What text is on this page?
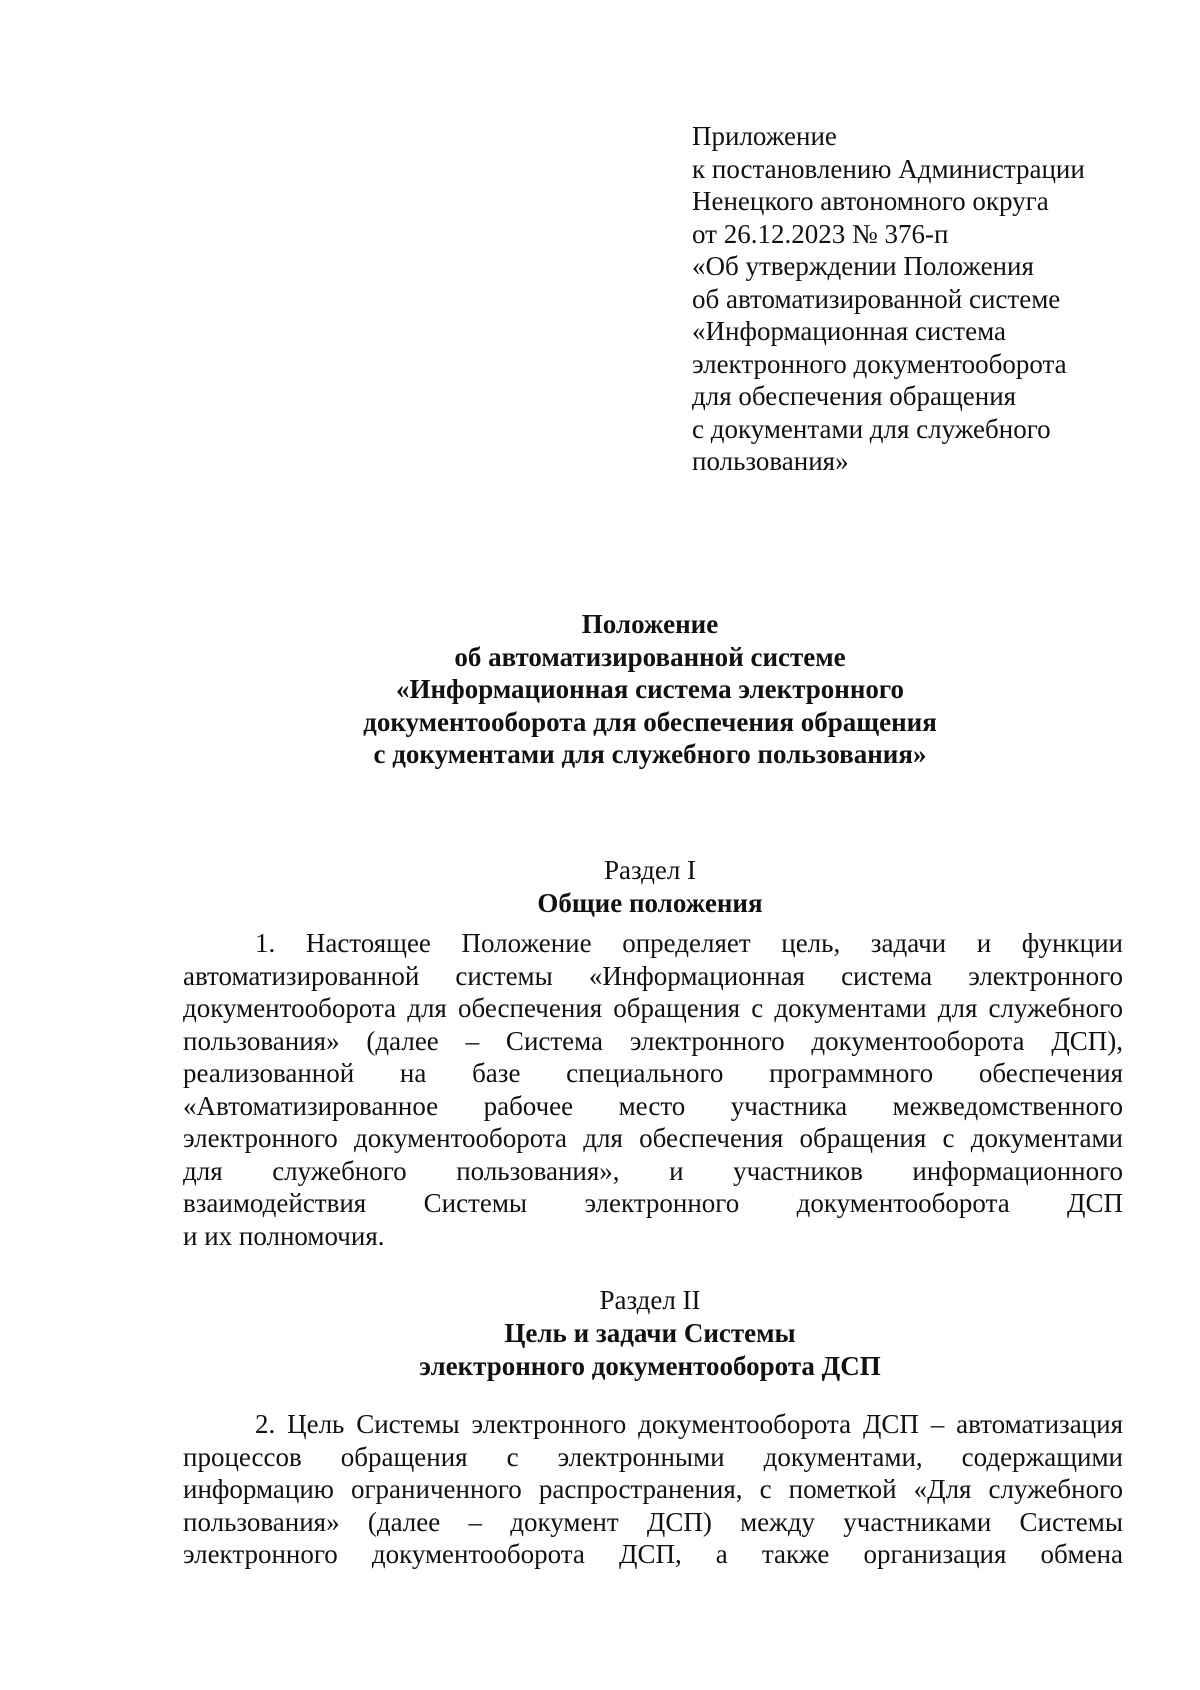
Приложение
к постановлению Администрации
Ненецкого автономного округа
от 26.12.2023 № 376-п
«Об утверждении Положения
об автоматизированной системе
«Информационная система
электронного документооборота
для обеспечения обращения
с документами для служебного
пользования»
Положение
об автоматизированной системе
«Информационная система электронного
документооборота для обеспечения обращения
с документами для служебного пользования»
Раздел I
Общие положения
1. Настоящее Положение определяет цель, задачи и функции
автоматизированной системы «Информационная система электронного
документооборота для обеспечения обращения с документами для служебного
пользования» (далее – Система электронного документооборота ДСП),
реализованной на базе специального программного обеспечения
«Автоматизированное рабочее место участника межведомственного
электронного документооборота для обеспечения обращения с документами
для служебного пользования», и участников информационного
взаимодействия Системы электронного документооборота ДСП
и их полномочия.
Раздел II
Цель и задачи Системы
электронного документооборота ДСП
2. Цель Системы электронного документооборота ДСП – автоматизация
процессов обращения с электронными документами, содержащими
информацию ограниченного распространения, с пометкой «Для служебного
пользования» (далее – документ ДСП) между участниками Системы
электронного документооборота ДСП, а также организация обмена
